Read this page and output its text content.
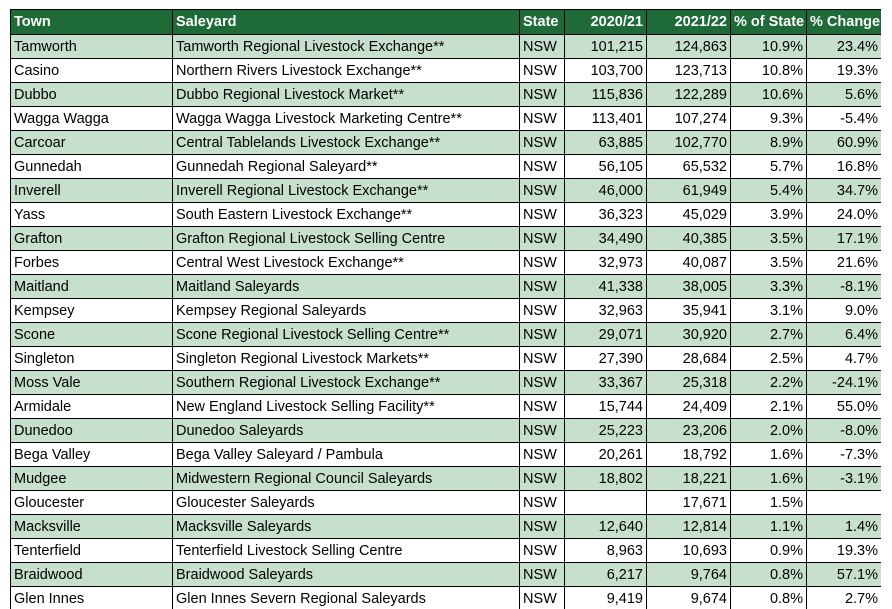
Town	Saleyard	State	2020/21	2021/22	% of State	% Change
Tamworth	Tamworth Regional Livestock Exchange**	NSW	101,215	124,863	10.9%	23.4%
Casino	Northern Rivers Livestock Exchange**	NSW	103,700	123,713	10.8%	19.3%
Dubbo	Dubbo Regional Livestock Market**	NSW	115,836	122,289	10.6%	5.6%
Wagga Wagga	Wagga Wagga Livestock Marketing Centre**	NSW	113,401	107,274	9.3%	-5.4%
Carcoar	Central Tablelands Livestock Exchange**	NSW	63,885	102,770	8.9%	60.9%
Gunnedah	Gunnedah Regional Saleyard**	NSW	56,105	65,532	5.7%	16.8%
Inverell	Inverell Regional Livestock Exchange**	NSW	46,000	61,949	5.4%	34.7%
Yass	South Eastern Livestock Exchange**	NSW	36,323	45,029	3.9%	24.0%
Grafton	Grafton Regional Livestock Selling Centre	NSW	34,490	40,385	3.5%	17.1%
Forbes	Central West Livestock Exchange**	NSW	32,973	40,087	3.5%	21.6%
Maitland	Maitland Saleyards	NSW	41,338	38,005	3.3%	-8.1%
Kempsey	Kempsey Regional Saleyards	NSW	32,963	35,941	3.1%	9.0%
Scone	Scone Regional Livestock Selling Centre**	NSW	29,071	30,920	2.7%	6.4%
Singleton	Singleton Regional Livestock Markets**	NSW	27,390	28,684	2.5%	4.7%
Moss Vale	Southern Regional Livestock Exchange**	NSW	33,367	25,318	2.2%	-24.1%
Armidale	New England Livestock Selling Facility**	NSW	15,744	24,409	2.1%	55.0%
Dunedoo	Dunedoo Saleyards	NSW	25,223	23,206	2.0%	-8.0%
Bega Valley	Bega Valley Saleyard / Pambula	NSW	20,261	18,792	1.6%	-7.3%
Mudgee	Midwestern Regional Council Saleyards	NSW	18,802	18,221	1.6%	-3.1%
Gloucester	Gloucester Saleyards	NSW		17,671	1.5%	
Macksville	Macksville Saleyards	NSW	12,640	12,814	1.1%	1.4%
Tenterfield	Tenterfield Livestock Selling Centre	NSW	8,963	10,693	0.9%	19.3%
Braidwood	Braidwood Saleyards	NSW	6,217	9,764	0.8%	57.1%
Glen Innes	Glen Innes Severn Regional Saleyards	NSW	9,419	9,674	0.8%	2.7%
